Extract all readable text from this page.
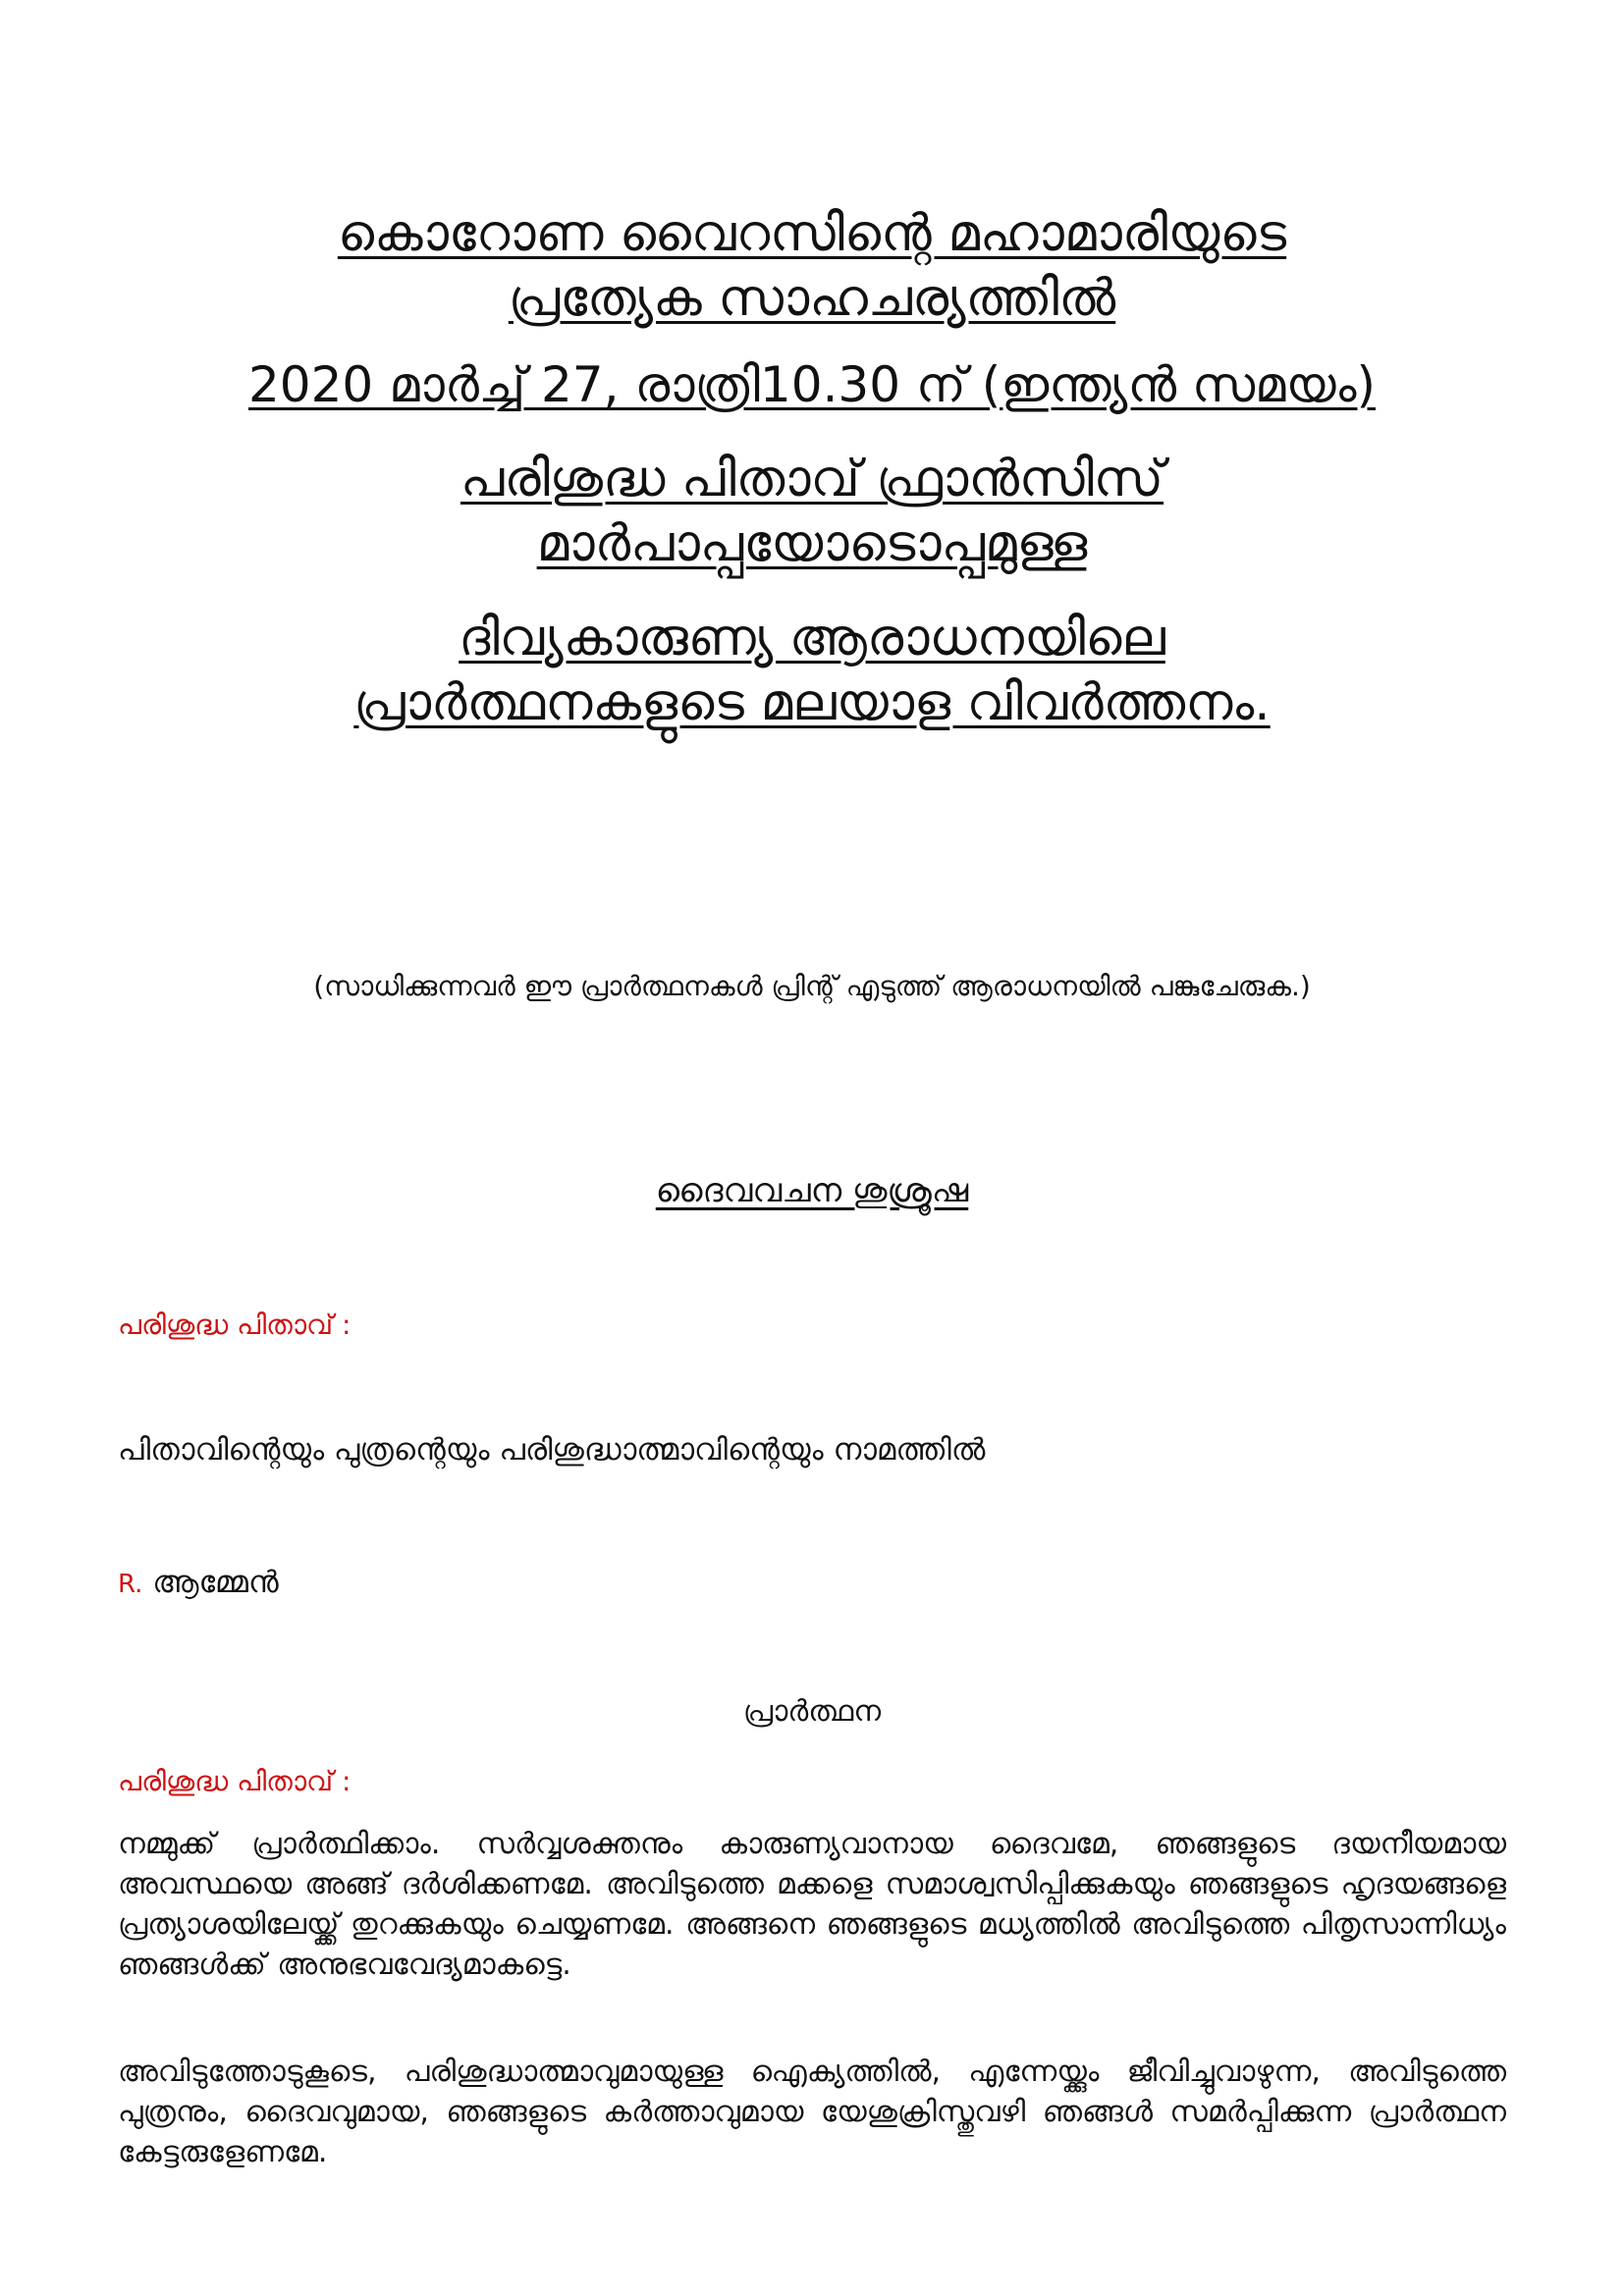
കൊറോണ വൈറസിന്റെ മഹാമാരിയുടെ
പ്രത്യേക സാഹചര്യത്തിൽ
2020 മാർച്ച് 27, രാത്രി10.30 ന് (ഇന്ത്യൻ സമയം)
പരിശുദ്ധ പിതാവ് ഫ്രാൻസിസ്
മാർപാപ്പയോടൊപ്പമുള്ള
ദിവ്യകാരുണ്യ ആരാധനയിലെ
പ്രാർത്ഥനകളുടെ മലയാള വിവർത്തനം.
(സാധിക്കുന്നവർ ഈ പ്രാർത്ഥനകൾ പ്രിന്റ് എടുത്ത് ആരാധനയിൽ പങ്കുചേരുക.)
ദൈവവചന ശുശ്രൂഷ
പരിശുദ്ധ പിതാവ് :
പിതാവിന്റെയും പുത്രന്റെയും പരിശുദ്ധാത്മാവിന്റെയും നാമത്തിൽ
R. ആമ്മേൻ
പ്രാർത്ഥന
പരിശുദ്ധ പിതാവ് :
നമ്മുക്ക് പ്രാർത്ഥിക്കാം. സർവ്വശക്തനും കാരുണ്യവാനായ ദൈവമേ, ഞങ്ങളുടെ ദയനീയമായ അവസ്ഥയെ അങ്ങ് ദർശിക്കണമേ. അവിടുത്തെ മക്കളെ സമാശ്വസിപ്പിക്കുകയും ഞങ്ങളുടെ ഹൃദയങ്ങളെ പ്രത്യാശയിലേയ്ക്ക് തുറക്കുകയും ചെയ്യണമേ. അങ്ങനെ ഞങ്ങളുടെ മധ്യത്തിൽ അവിടുത്തെ പിതൃസാന്നിധ്യം ഞങ്ങൾക്ക് അനുഭവവേദ്യമാകട്ടെ.
അവിടുത്തോടുകൂടെ, പരിശുദ്ധാത്മാവുമായുള്ള ഐക്യത്തിൽ, എന്നേയ്ക്കും ജീവിച്ചുവാഴുന്ന, അവിടുത്തെ പുത്രനും, ദൈവവുമായ, ഞങ്ങളുടെ കർത്താവുമായ യേശുക്രിസ്തുവഴി ഞങ്ങൾ സമർപ്പിക്കുന്ന പ്രാർത്ഥന കേട്ടരുളേണമേ.
